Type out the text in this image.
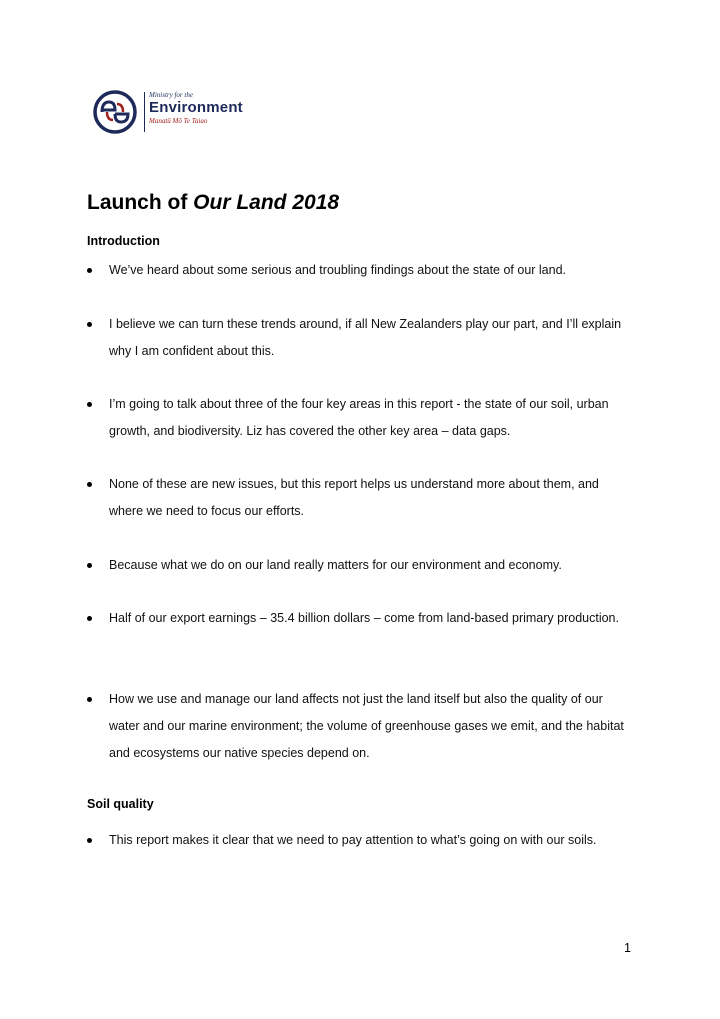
Ministry for the
Environment
Manatū Mō Te Taiao
Launch of Our Land 2018
Introduction
We’ve heard about some serious and troubling findings about the state of our land.
I believe we can turn these trends around, if all New Zealanders play our part, and I’ll explain why I am confident about this.
I’m going to talk about three of the four key areas in this report - the state of our soil, urban growth, and biodiversity. Liz has covered the other key area – data gaps.
None of these are new issues, but this report helps us understand more about them, and where we need to focus our efforts.
Because what we do on our land really matters for our environment and economy.
Half of our export earnings – 35.4 billion dollars – come from land-based primary production.
How we use and manage our land affects not just the land itself but also the quality of our water and our marine environment; the volume of greenhouse gases we emit, and the habitat and ecosystems our native species depend on.
Soil quality
This report makes it clear that we need to pay attention to what’s going on with our soils.
1
